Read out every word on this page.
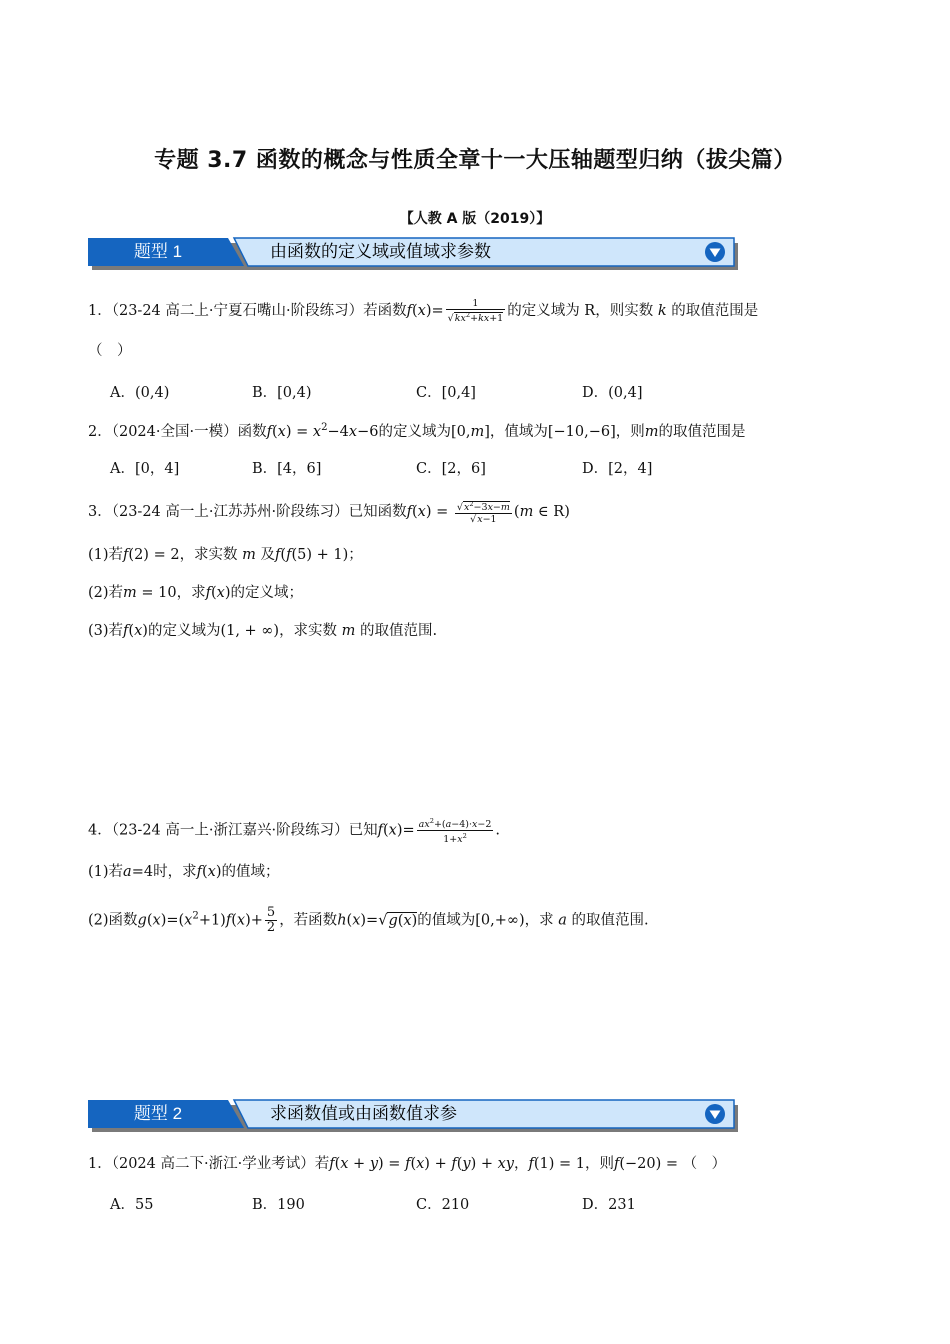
专题 3.7 函数的概念与性质全章十一大压轴题型归纳（拔尖篇）
【人教 A 版（2019）】
题型 1	由函数的定义域或值域求参数
1．（23-24 高二上·宁夏石嘴山·阶段练习）若函数$f(x)= \frac{1}{√kx^2+kx+1}$ 的定义域为 R，则实数 k 的取值范围是
（　）
A．(0,4)	B．[0,4)	C．[0,4]	D．(0,4]
2．（2024·全国·一模）函数$f(x) = x^2-4x-6$的定义域为[0,m]，值域为[−10,−6]，则m的取值范围是
A．[0，4]	B．[4，6]	C．[2，6]	D．[2，4]
3．（23-24 高一上·江苏苏州·阶段练习）已知函数$f(x) = \frac{√x^2-3x-m}{√x-1} (m$ ∈ R)
(1)若f(2) = 2，求实数 m 及f(f(5) + 1)；
(2)若m = 10，求f(x)的定义域；
(3)若f(x)的定义域为(1, + ∞)，求实数 m 的取值范围.
4．（23-24 高一上·浙江嘉兴·阶段练习）已知$f(x)= \frac{ax^2+(a-4)\cdot x-2}{1+x^2}$ .
(1)若a=4时，求f(x)的值域；
(2)函数$g(x)=(x^2+1)f(x)+ \frac{5}{2}$ ，若函数h(x)=√g(x)的值域为[0,+∞)，求 a 的取值范围.
题型 2	求函数值或由函数值求参
1．（2024 高二下·浙江·学业考试）若f(x + y) = f(x) + f(y) + xy，f(1) = 1，则f(−20) = （　）
A．55	B．190	C．210	D．231
